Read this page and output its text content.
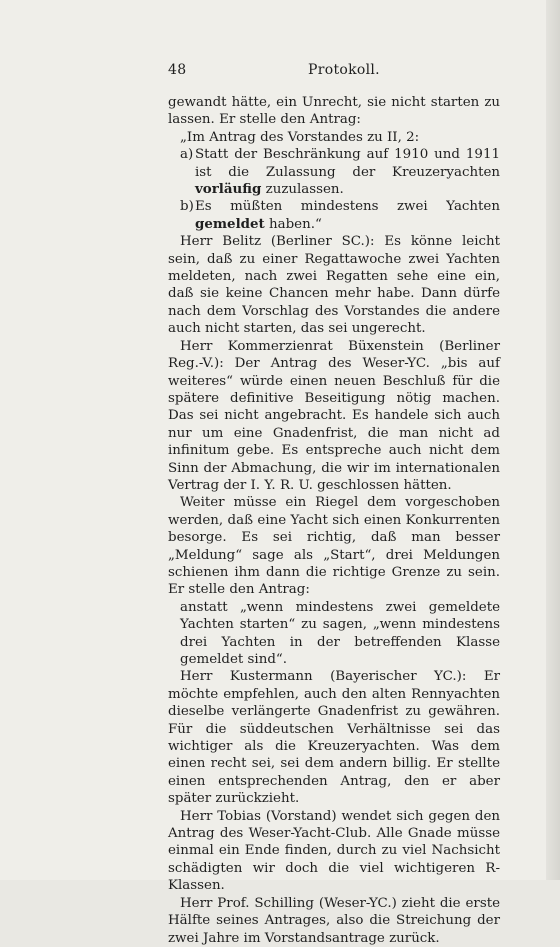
48	Protokoll.

gewandt hätte, ein Unrecht, sie nicht starten zu lassen. Er stelle den Antrag:

„Im Antrag des Vorstandes zu II, 2:

a) Statt der Beschränkung auf 1910 und 1911 ist die Zulassung der Kreuzeryachten vorläufig zuzulassen.

b) Es müßten mindestens zwei Yachten gemeldet haben.“

Herr Belitz (Berliner SC.): Es könne leicht sein, daß zu einer Regattawoche zwei Yachten meldeten, nach zwei Regatten sehe eine ein, daß sie keine Chancen mehr habe. Dann dürfe nach dem Vorschlag des Vorstandes die andere auch nicht starten, das sei ungerecht.

Herr Kommerzienrat Büxenstein (Berliner Reg.-V.): Der Antrag des Weser-YC. „bis auf weiteres“ würde einen neuen Beschluß für die spätere definitive Beseitigung nötig machen. Das sei nicht angebracht. Es handele sich auch nur um eine Gnadenfrist, die man nicht ad infinitum gebe. Es entspreche auch nicht dem Sinn der Abmachung, die wir im internationalen Vertrag der I. Y. R. U. geschlossen hätten.

Weiter müsse ein Riegel dem vorgeschoben werden, daß eine Yacht sich einen Konkurrenten besorge. Es sei richtig, daß man besser „Meldung“ sage als „Start“, drei Meldungen schienen ihm dann die richtige Grenze zu sein. Er stelle den Antrag:

anstatt „wenn mindestens zwei gemeldete Yachten starten“ zu sagen, „wenn mindestens drei Yachten in der betreffenden Klasse gemeldet sind“.

Herr Kustermann (Bayerischer YC.): Er möchte empfehlen, auch den alten Rennyachten dieselbe verlängerte Gnadenfrist zu gewähren. Für die süddeutschen Verhältnisse sei das wichtiger als die Kreuzeryachten. Was dem einen recht sei, sei dem andern billig. Er stellte einen entsprechenden Antrag, den er aber später zurückzieht.

Herr Tobias (Vorstand) wendet sich gegen den Antrag des Weser-Yacht-Club. Alle Gnade müsse einmal ein Ende finden, durch zu viel Nachsicht schädigten wir doch die viel wichtigeren R-Klassen.

Herr Prof. Schilling (Weser-YC.) zieht die erste Hälfte seines Antrages, also die Streichung der zwei Jahre im Vorstandsantrage zurück.
